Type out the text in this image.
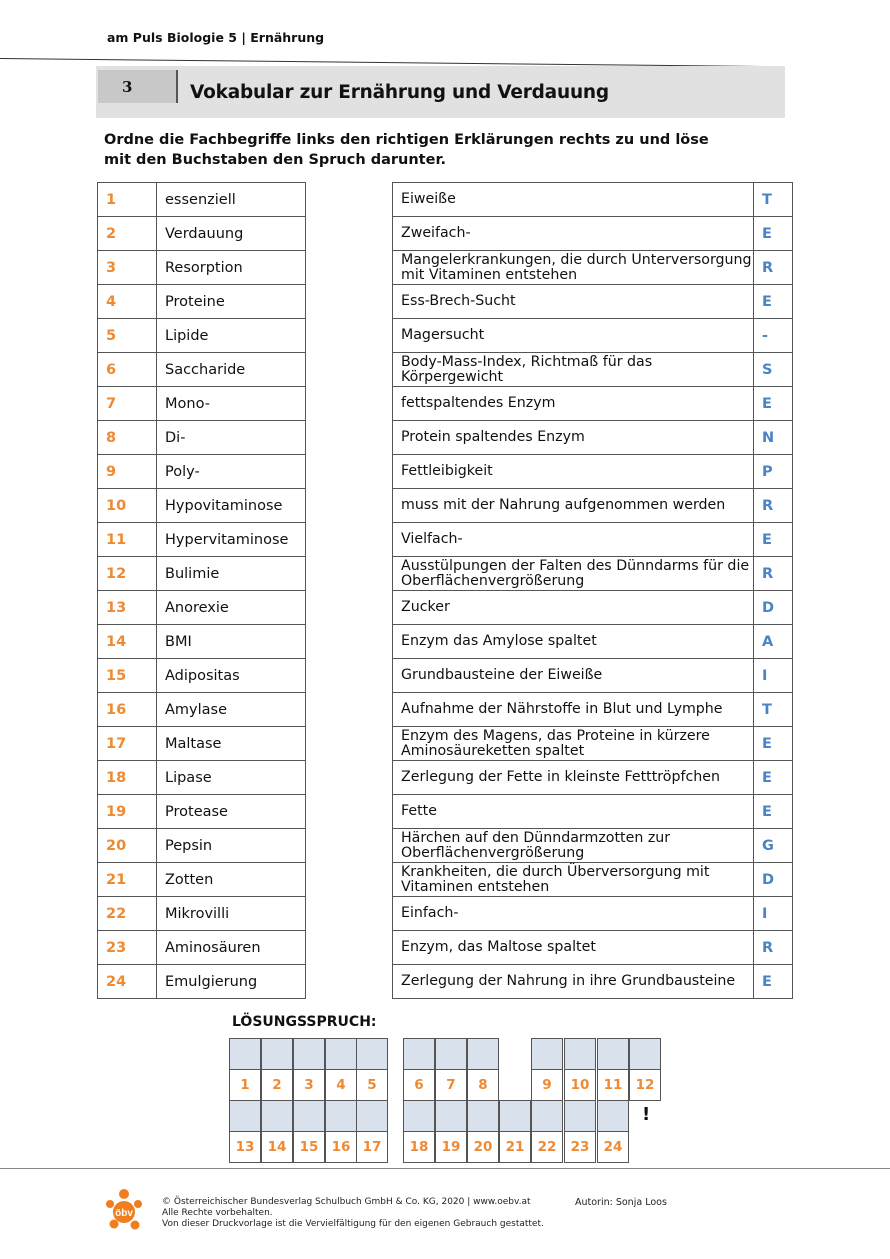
am Puls Biologie 5 | Ernährung
3	Vokabular zur Ernährung und Verdauung
Ordne die Fachbegriffe links den richtigen Erklärungen rechts zu und löse mit den Buchstaben den Spruch darunter.
1	essenziell
2	Verdauung
3	Resorption
4	Proteine
5	Lipide
6	Saccharide
7	Mono-
8	Di-
9	Poly-
10	Hypovitaminose
11	Hypervitaminose
12	Bulimie
13	Anorexie
14	BMI
15	Adipositas
16	Amylase
17	Maltase
18	Lipase
19	Protease
20	Pepsin
21	Zotten
22	Mikrovilli
23	Aminosäuren
24	Emulgierung
Eiweiße	T
Zweifach-	E
Mangelerkrankungen, die durch Unterversorgung mit Vitaminen entstehen	R
Ess-Brech-Sucht	E
Magersucht	-
Body-Mass-Index, Richtmaß für das Körpergewicht	S
fettspaltendes Enzym	E
Protein spaltendes Enzym	N
Fettleibigkeit	P
muss mit der Nahrung aufgenommen werden	R
Vielfach-	E
Ausstülpungen der Falten des Dünndarms für die Oberflächenvergrößerung	R
Zucker	D
Enzym das Amylose spaltet	A
Grundbausteine der Eiweiße	I
Aufnahme der Nährstoffe in Blut und Lymphe	T
Enzym des Magens, das Proteine in kürzere Aminosäureketten spaltet	E
Zerlegung der Fette in kleinste Fetttröpfchen	E
Fette	E
Härchen auf den Dünndarmzotten zur Oberflächenvergrößerung	G
Krankheiten, die durch Überversorgung mit Vitaminen entstehen	D
Einfach-	I
Enzym, das Maltose spaltet	R
Zerlegung der Nahrung in ihre Grundbausteine	E
LÖSUNGSSPRUCH:
1	2	3	4	5	6	7	8	9	10	11 12
13 14 15 16 17	18 19 20 21 22	23	24
!
öbv
© Österreichischer Bundesverlag Schulbuch GmbH & Co. KG, 2020 | www.oebv.at
Alle Rechte vorbehalten.
Von dieser Druckvorlage ist die Vervielfältigung für den eigenen Gebrauch gestattet.
Autorin: Sonja Loos
